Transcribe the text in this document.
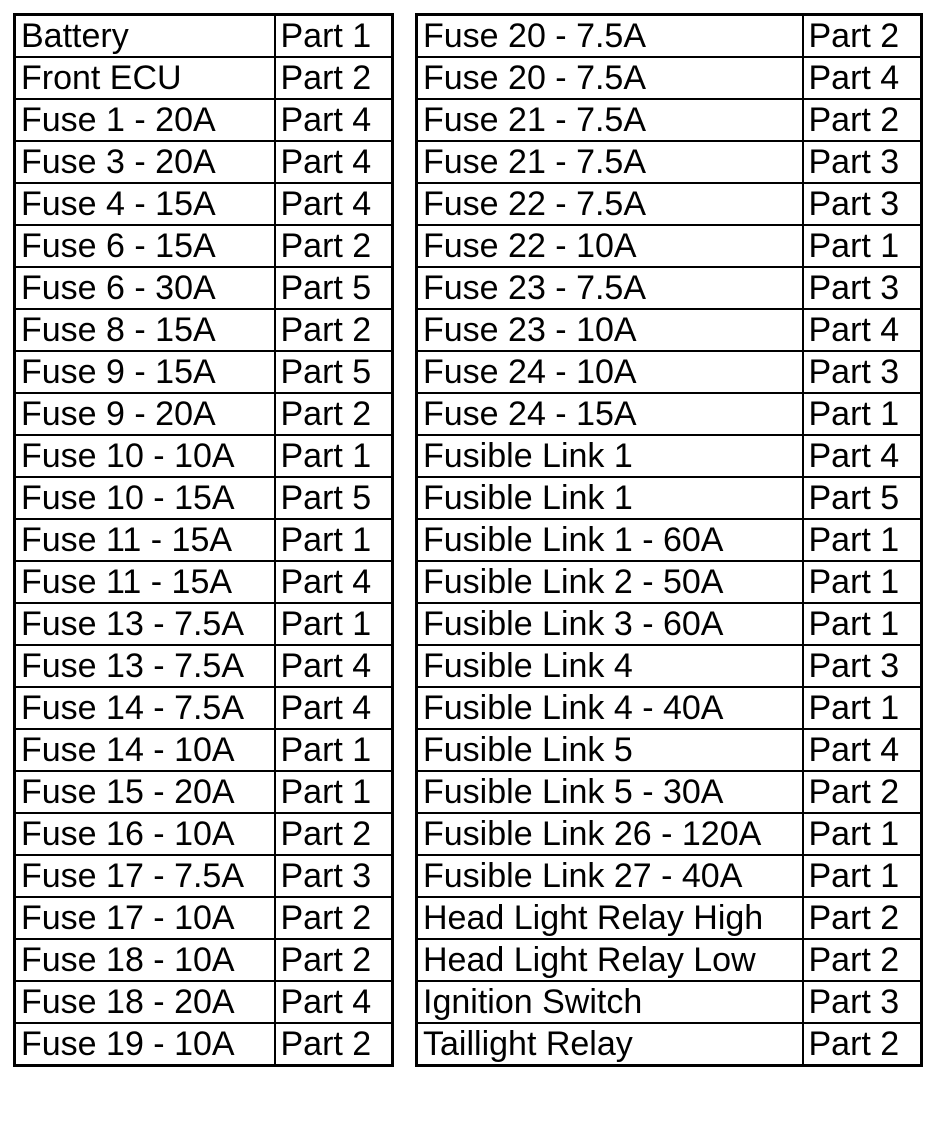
Battery	Part 1
Front ECU	Part 2
Fuse 1 - 20A	Part 4
Fuse 3 - 20A	Part 4
Fuse 4 - 15A	Part 4
Fuse 6 - 15A	Part 2
Fuse 6 - 30A	Part 5
Fuse 8 - 15A	Part 2
Fuse 9 - 15A	Part 5
Fuse 9 - 20A	Part 2
Fuse 10 - 10A	Part 1
Fuse 10 - 15A	Part 5
Fuse 11 - 15A	Part 1
Fuse 11 - 15A	Part 4
Fuse 13 - 7.5A	Part 1
Fuse 13 - 7.5A	Part 4
Fuse 14 - 7.5A	Part 4
Fuse 14 - 10A	Part 1
Fuse 15 - 20A	Part 1
Fuse 16 - 10A	Part 2
Fuse 17 - 7.5A	Part 3
Fuse 17 - 10A	Part 2
Fuse 18 - 10A	Part 2
Fuse 18 - 20A	Part 4
Fuse 19 - 10A	Part 2
Fuse 20 - 7.5A	Part 2
Fuse 20 - 7.5A	Part 4
Fuse 21 - 7.5A	Part 2
Fuse 21 - 7.5A	Part 3
Fuse 22 - 7.5A	Part 3
Fuse 22 - 10A	Part 1
Fuse 23 - 7.5A	Part 3
Fuse 23 - 10A	Part 4
Fuse 24 - 10A	Part 3
Fuse 24 - 15A	Part 1
Fusible Link 1	Part 4
Fusible Link 1	Part 5
Fusible Link 1 - 60A	Part 1
Fusible Link 2 - 50A	Part 1
Fusible Link 3 - 60A	Part 1
Fusible Link 4	Part 3
Fusible Link 4 - 40A	Part 1
Fusible Link 5	Part 4
Fusible Link 5 - 30A	Part 2
Fusible Link 26 - 120A	Part 1
Fusible Link 27 - 40A	Part 1
Head Light Relay High	Part 2
Head Light Relay Low	Part 2
Ignition Switch	Part 3
Taillight Relay	Part 2
